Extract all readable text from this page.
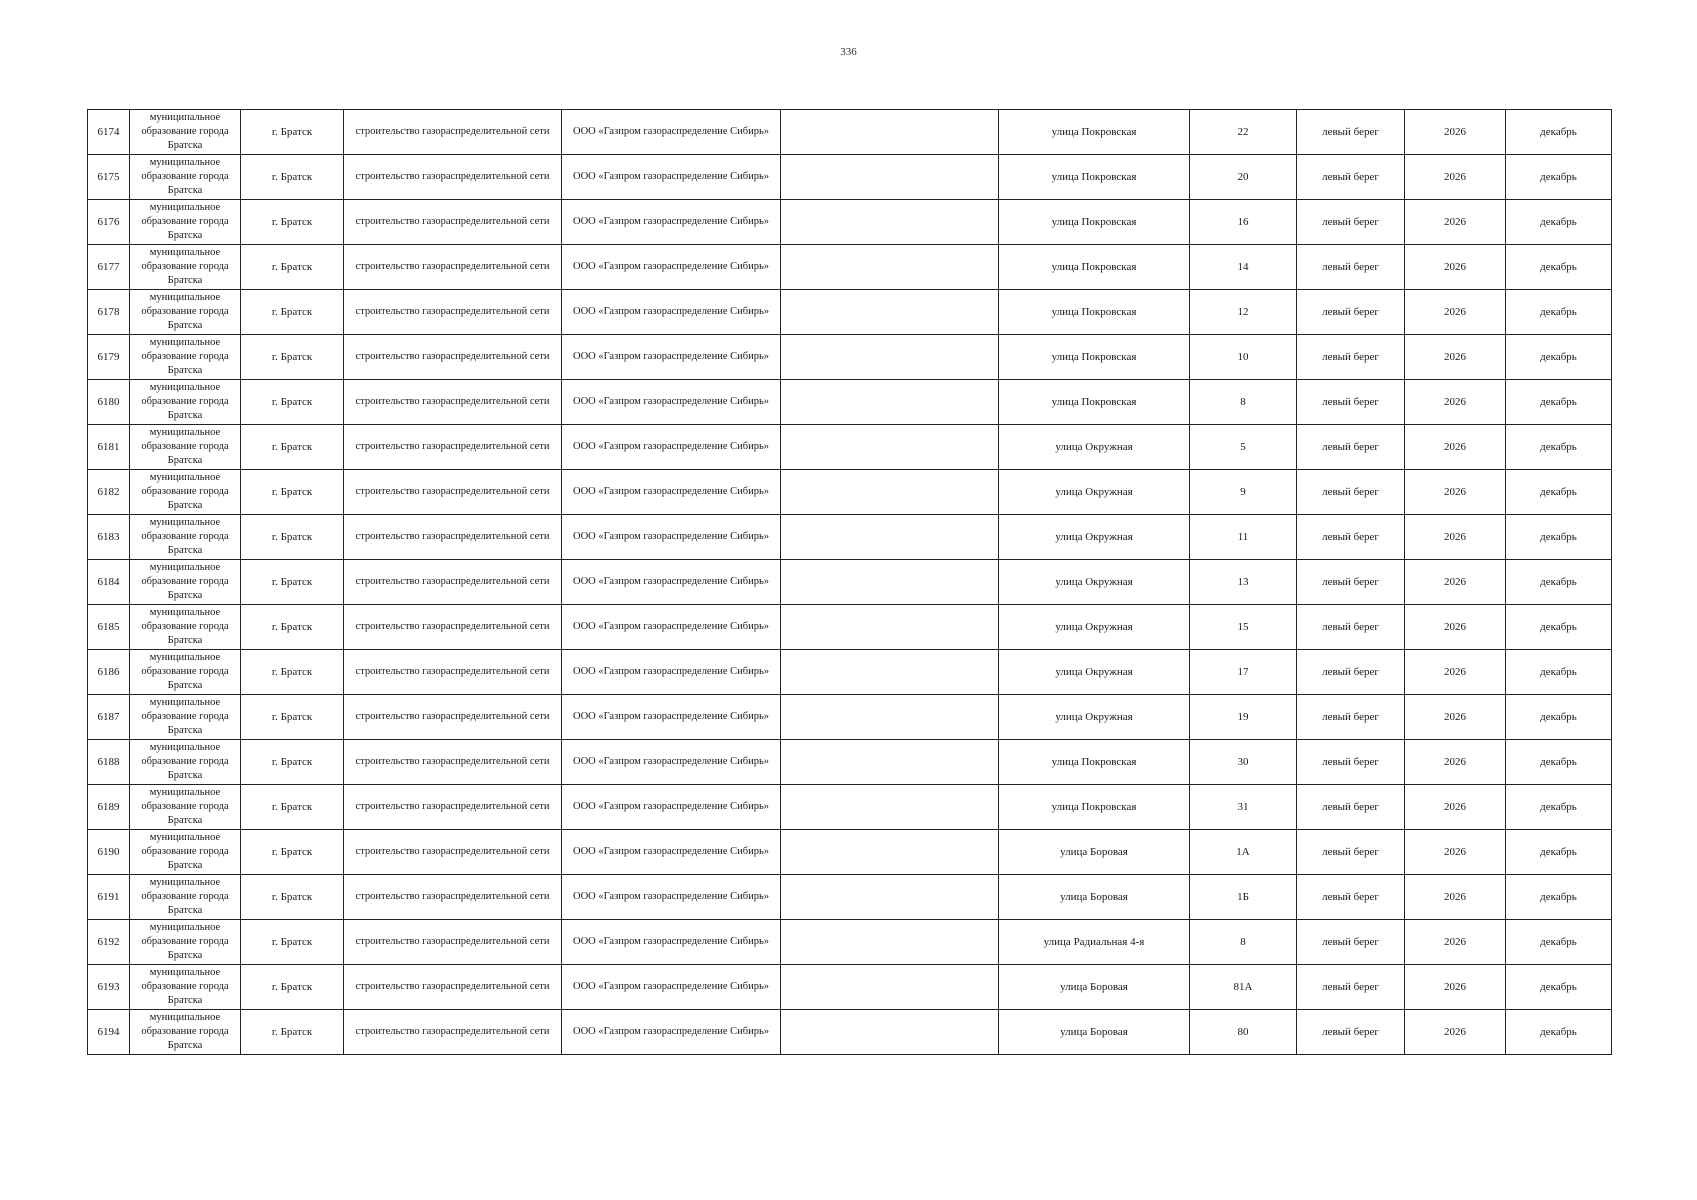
336
6174	муниципальное образование города Братска	г. Братск	строительство газораспределительной сети	ООО «Газпром газораспределение Сибирь»		улица Покровская	22	левый берег	2026	декабрь
6175	муниципальное образование города Братска	г. Братск	строительство газораспределительной сети	ООО «Газпром газораспределение Сибирь»		улица Покровская	20	левый берег	2026	декабрь
6176	муниципальное образование города Братска	г. Братск	строительство газораспределительной сети	ООО «Газпром газораспределение Сибирь»		улица Покровская	16	левый берег	2026	декабрь
6177	муниципальное образование города Братска	г. Братск	строительство газораспределительной сети	ООО «Газпром газораспределение Сибирь»		улица Покровская	14	левый берег	2026	декабрь
6178	муниципальное образование города Братска	г. Братск	строительство газораспределительной сети	ООО «Газпром газораспределение Сибирь»		улица Покровская	12	левый берег	2026	декабрь
6179	муниципальное образование города Братска	г. Братск	строительство газораспределительной сети	ООО «Газпром газораспределение Сибирь»		улица Покровская	10	левый берег	2026	декабрь
6180	муниципальное образование города Братска	г. Братск	строительство газораспределительной сети	ООО «Газпром газораспределение Сибирь»		улица Покровская	8	левый берег	2026	декабрь
6181	муниципальное образование города Братска	г. Братск	строительство газораспределительной сети	ООО «Газпром газораспределение Сибирь»		улица Окружная	5	левый берег	2026	декабрь
6182	муниципальное образование города Братска	г. Братск	строительство газораспределительной сети	ООО «Газпром газораспределение Сибирь»		улица Окружная	9	левый берег	2026	декабрь
6183	муниципальное образование города Братска	г. Братск	строительство газораспределительной сети	ООО «Газпром газораспределение Сибирь»		улица Окружная	11	левый берег	2026	декабрь
6184	муниципальное образование города Братска	г. Братск	строительство газораспределительной сети	ООО «Газпром газораспределение Сибирь»		улица Окружная	13	левый берег	2026	декабрь
6185	муниципальное образование города Братска	г. Братск	строительство газораспределительной сети	ООО «Газпром газораспределение Сибирь»		улица Окружная	15	левый берег	2026	декабрь
6186	муниципальное образование города Братска	г. Братск	строительство газораспределительной сети	ООО «Газпром газораспределение Сибирь»		улица Окружная	17	левый берег	2026	декабрь
6187	муниципальное образование города Братска	г. Братск	строительство газораспределительной сети	ООО «Газпром газораспределение Сибирь»		улица Окружная	19	левый берег	2026	декабрь
6188	муниципальное образование города Братска	г. Братск	строительство газораспределительной сети	ООО «Газпром газораспределение Сибирь»		улица Покровская	30	левый берег	2026	декабрь
6189	муниципальное образование города Братска	г. Братск	строительство газораспределительной сети	ООО «Газпром газораспределение Сибирь»		улица Покровская	31	левый берег	2026	декабрь
6190	муниципальное образование города Братска	г. Братск	строительство газораспределительной сети	ООО «Газпром газораспределение Сибирь»		улица Боровая	1А	левый берег	2026	декабрь
6191	муниципальное образование города Братска	г. Братск	строительство газораспределительной сети	ООО «Газпром газораспределение Сибирь»		улица Боровая	1Б	левый берег	2026	декабрь
6192	муниципальное образование города Братска	г. Братск	строительство газораспределительной сети	ООО «Газпром газораспределение Сибирь»		улица Радиальная 4-я	8	левый берег	2026	декабрь
6193	муниципальное образование города Братска	г. Братск	строительство газораспределительной сети	ООО «Газпром газораспределение Сибирь»		улица Боровая	81А	левый берег	2026	декабрь
6194	муниципальное образование города Братска	г. Братск	строительство газораспределительной сети	ООО «Газпром газораспределение Сибирь»		улица Боровая	80	левый берег	2026	декабрь
